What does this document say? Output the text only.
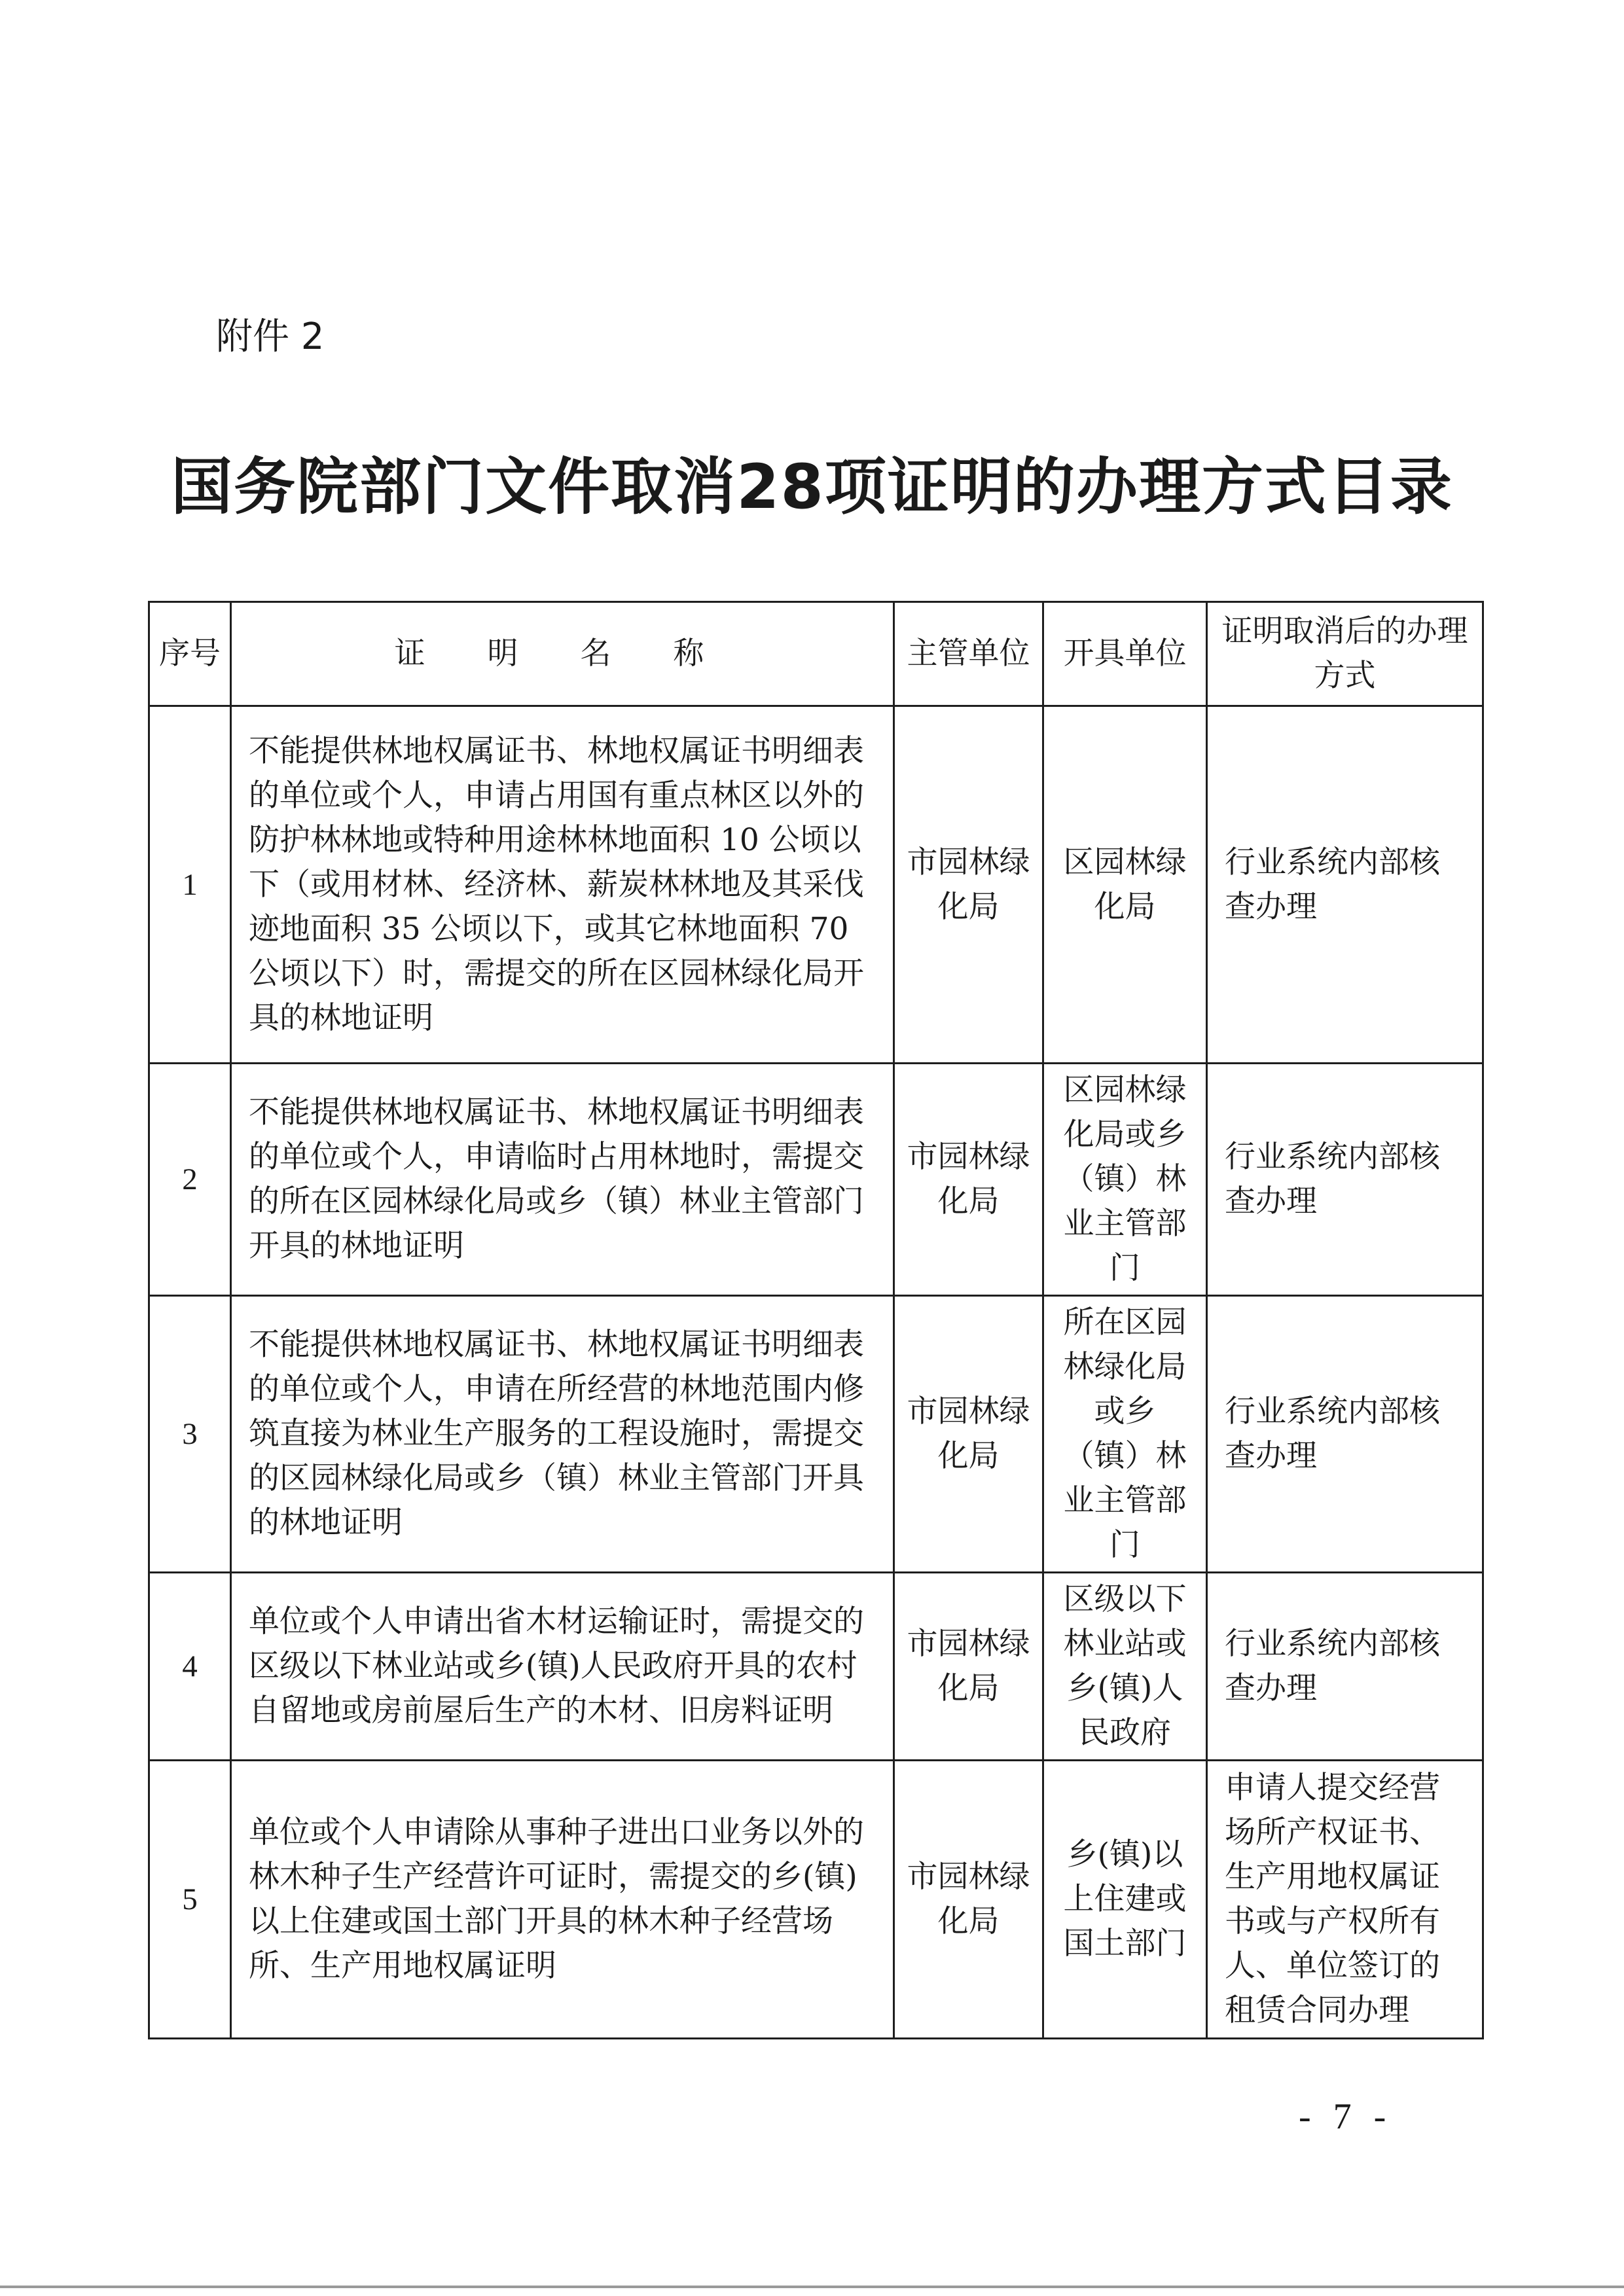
附件 2
国务院部门文件取消28项证明的办理方式目录
序号	证 明 名 称	主管单位	开具单位	证明取消后的办理方式
1	不能提供林地权属证书、林地权属证书明细表的单位或个人，申请占用国有重点林区以外的防护林林地或特种用途林林地面积 10 公顷以下（或用材林、经济林、薪炭林林地及其采伐迹地面积 35 公顷以下，或其它林地面积 70 公顷以下）时，需提交的所在区园林绿化局开具的林地证明	市园林绿化局	区园林绿化局	行业系统内部核查办理
2	不能提供林地权属证书、林地权属证书明细表的单位或个人，申请临时占用林地时，需提交的所在区园林绿化局或乡（镇）林业主管部门开具的林地证明	市园林绿化局	区园林绿化局或乡（镇）林业主管部门	行业系统内部核查办理
3	不能提供林地权属证书、林地权属证书明细表的单位或个人，申请在所经营的林地范围内修筑直接为林业生产服务的工程设施时，需提交的区园林绿化局或乡（镇）林业主管部门开具的林地证明	市园林绿化局	所在区园林绿化局或乡（镇）林业主管部门	行业系统内部核查办理
4	单位或个人申请出省木材运输证时，需提交的区级以下林业站或乡(镇)人民政府开具的农村自留地或房前屋后生产的木材、旧房料证明	市园林绿化局	区级以下林业站或乡(镇)人民政府	行业系统内部核查办理
5	单位或个人申请除从事种子进出口业务以外的林木种子生产经营许可证时，需提交的乡(镇)以上住建或国土部门开具的林木种子经营场所、生产用地权属证明	市园林绿化局	乡(镇)以上住建或国土部门	申请人提交经营场所产权证书、生产用地权属证书或与产权所有人、单位签订的租赁合同办理
- 7 -
